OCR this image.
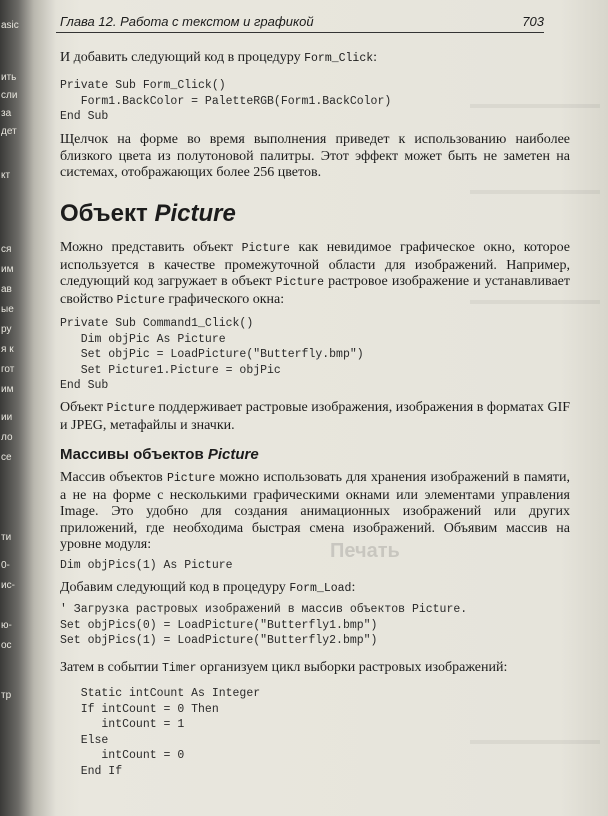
asic
ить
сли
за
дет
кт
ся
им
ав
ые
ру
я к
гот
им
ии
ло
се
ти
0-
ис-
ю-
ос
тр
Глава 12. Работа с текстом и графикой	703
И добавить следующий код в процедуру Form_Click:
Private Sub Form_Click()
Form1.BackColor = PaletteRGB(Form1.BackColor)
End Sub
Щелчок на форме во время выполнения приведет к использованию наиболее близкого цвета из полутоновой палитры. Этот эффект может быть не заметен на системах, отображающих более 256 цветов.
Объект Picture
Можно представить объект Picture как невидимое графическое окно, которое используется в качестве промежуточной области для изображений. Например, следующий код загружает в объект Picture растровое изображение и устанавливает свойство Picture графического окна:
Private Sub Command1_Click()
Dim objPic As Picture
Set objPic = LoadPicture("Butterfly.bmp")
Set Picture1.Picture = objPic
End Sub
Объект Picture поддерживает растровые изображения, изображения в форматах GIF и JPEG, метафайлы и значки.
Массивы объектов Picture
Массив объектов Picture можно использовать для хранения изображений в памяти, а не на форме с несколькими графическими окнами или элементами управления Image. Это удобно для создания анимационных изображений или других приложений, где необходима быстрая смена изображений. Объявим массив на уровне модуля:
Dim objPics(1) As Picture
Добавим следующий код в процедуру Form_Load:
' Загрузка растровых изображений в массив объектов Picture.
Set objPics(0) = LoadPicture("Butterfly1.bmp")
Set objPics(1) = LoadPicture("Butterfly2.bmp")
Затем в событии Timer организуем цикл выборки растровых изображений:
Static intCount As Integer
If intCount = 0 Then
intCount = 1
Else
intCount = 0
End If
Печать
